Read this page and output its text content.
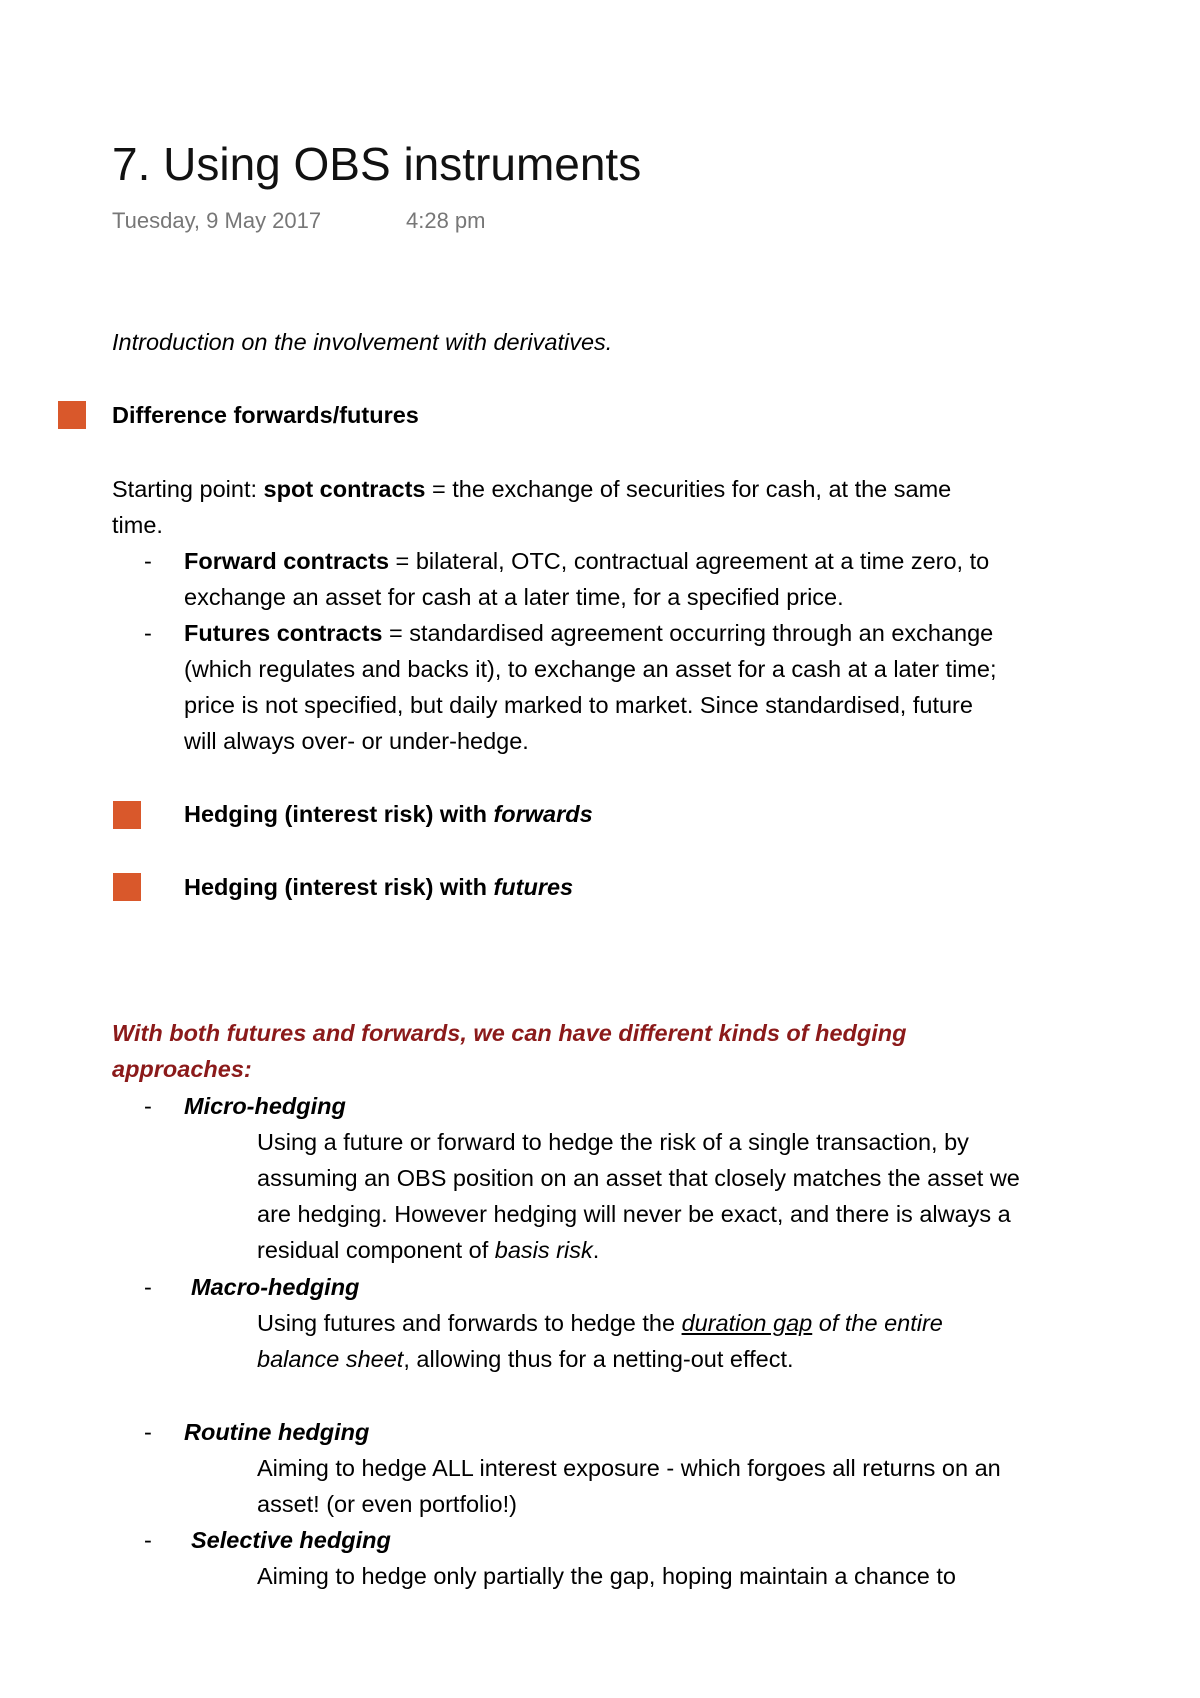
7. Using OBS instruments
Tuesday, 9 May 2017	4:28 pm
Introduction on the involvement with derivatives.
Difference forwards/futures
Starting point: spot contracts = the exchange of securities for cash, at the same
time.
- Forward contracts = bilateral, OTC, contractual agreement at a time zero, to
exchange an asset for cash at a later time, for a specified price.
- Futures contracts = standardised agreement occurring through an exchange
(which regulates and backs it), to exchange an asset for a cash at a later time;
price is not specified, but daily marked to market. Since standardised, future
will always over- or under-hedge.
Hedging (interest risk) with forwards
Hedging (interest risk) with futures
With both futures and forwards, we can have different kinds of hedging
approaches:
- Micro-hedging
Using a future or forward to hedge the risk of a single transaction, by
assuming an OBS position on an asset that closely matches the asset we
are hedging. However hedging will never be exact, and there is always a
residual component of basis risk.
- Macro-hedging
Using futures and forwards to hedge the duration gap of the entire
balance sheet, allowing thus for a netting-out effect.
- Routine hedging
Aiming to hedge ALL interest exposure - which forgoes all returns on an
asset! (or even portfolio!)
- Selective hedging
Aiming to hedge only partially the gap, hoping maintain a chance to
